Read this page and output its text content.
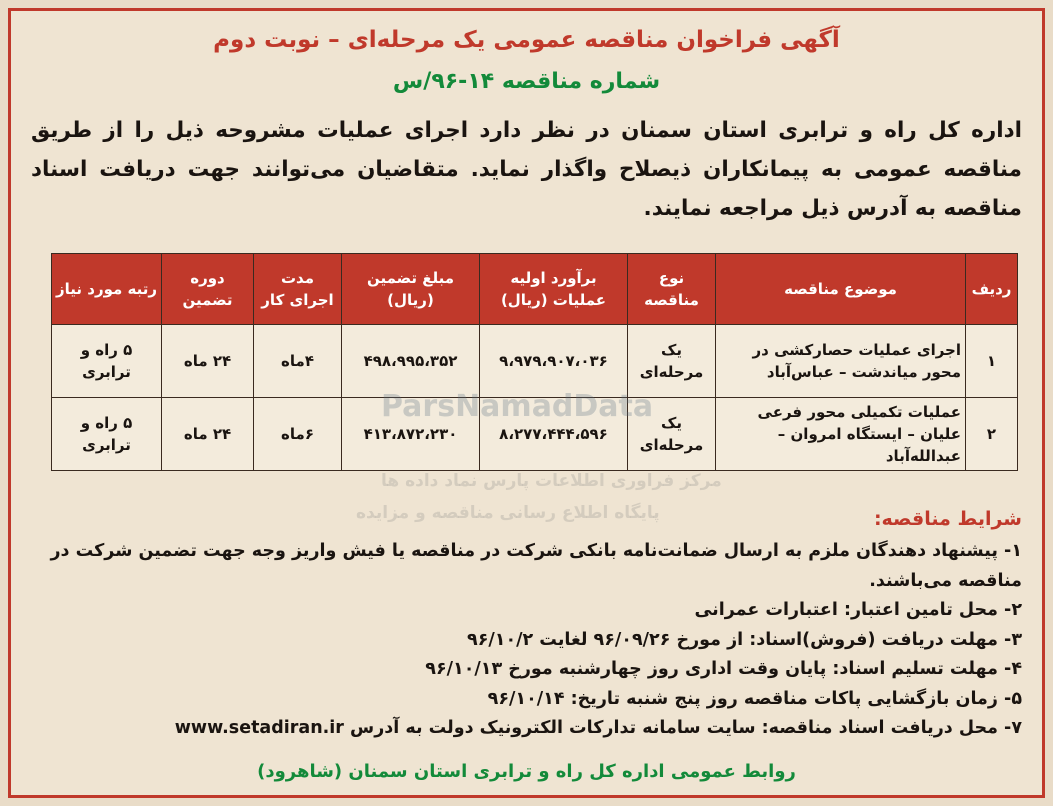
آگهی فراخوان مناقصه عمومی یک مرحله‌ای – نوبت دوم
شماره مناقصه ۱۴-۹۶/س
اداره کل راه و ترابری استان سمنان در نظر دارد اجرای عملیات مشروحه ذیل را از طریق مناقصه عمومی به پیمانکاران ذیصلاح واگذار نماید. متقاضیان می‌توانند جهت دریافت اسناد مناقصه به آدرس ذیل مراجعه نمایند.
ردیف	موضوع مناقصه	نوع مناقصه	برآورد اولیه عملیات (ریال)	مبلغ تضمین (ریال)	مدت اجرای کار	دوره تضمین	رتبه مورد نیاز
۱	اجرای عملیات حصارکشی در محور میاندشت – عباس‌آباد	یک مرحله‌ای	۹،۹۷۹،۹۰۷،۰۳۶	۴۹۸،۹۹۵،۳۵۲	۴ماه	۲۴ ماه	۵ راه و ترابری
۲	عملیات تکمیلی محور فرعی علیان – ایستگاه امروان – عبدالله‌آباد	یک مرحله‌ای	۸،۲۷۷،۴۴۴،۵۹۶	۴۱۳،۸۷۲،۲۳۰	۶ماه	۲۴ ماه	۵ راه و ترابری
ParsNamadData
مرکز فراوری اطلاعات پارس نماد داده ها
پایگاه اطلاع رسانی مناقصه و مزایده	شرایط مناقصه:
۱- پیشنهاد دهندگان ملزم به ارسال ضمانت‌نامه بانکی شرکت در مناقصه یا فیش واریز وجه جهت تضمین شرکت در مناقصه می‌باشند.
۲- محل تامین اعتبار: اعتبارات عمرانی
۳- مهلت دریافت (فروش)اسناد: از مورخ ۹۶/۰۹/۲۶ لغایت ۹۶/۱۰/۲
۴- مهلت تسلیم اسناد: پایان وقت اداری روز چهارشنبه مورخ ۹۶/۱۰/۱۳
۵- زمان بازگشایی پاکات مناقصه روز پنج شنبه تاریخ: ۹۶/۱۰/۱۴
۷- محل دریافت اسناد مناقصه: سایت سامانه تدارکات الکترونیک دولت به آدرس www.setadiran.ir
روابط عمومی اداره کل راه و ترابری استان سمنان (شاهرود)
